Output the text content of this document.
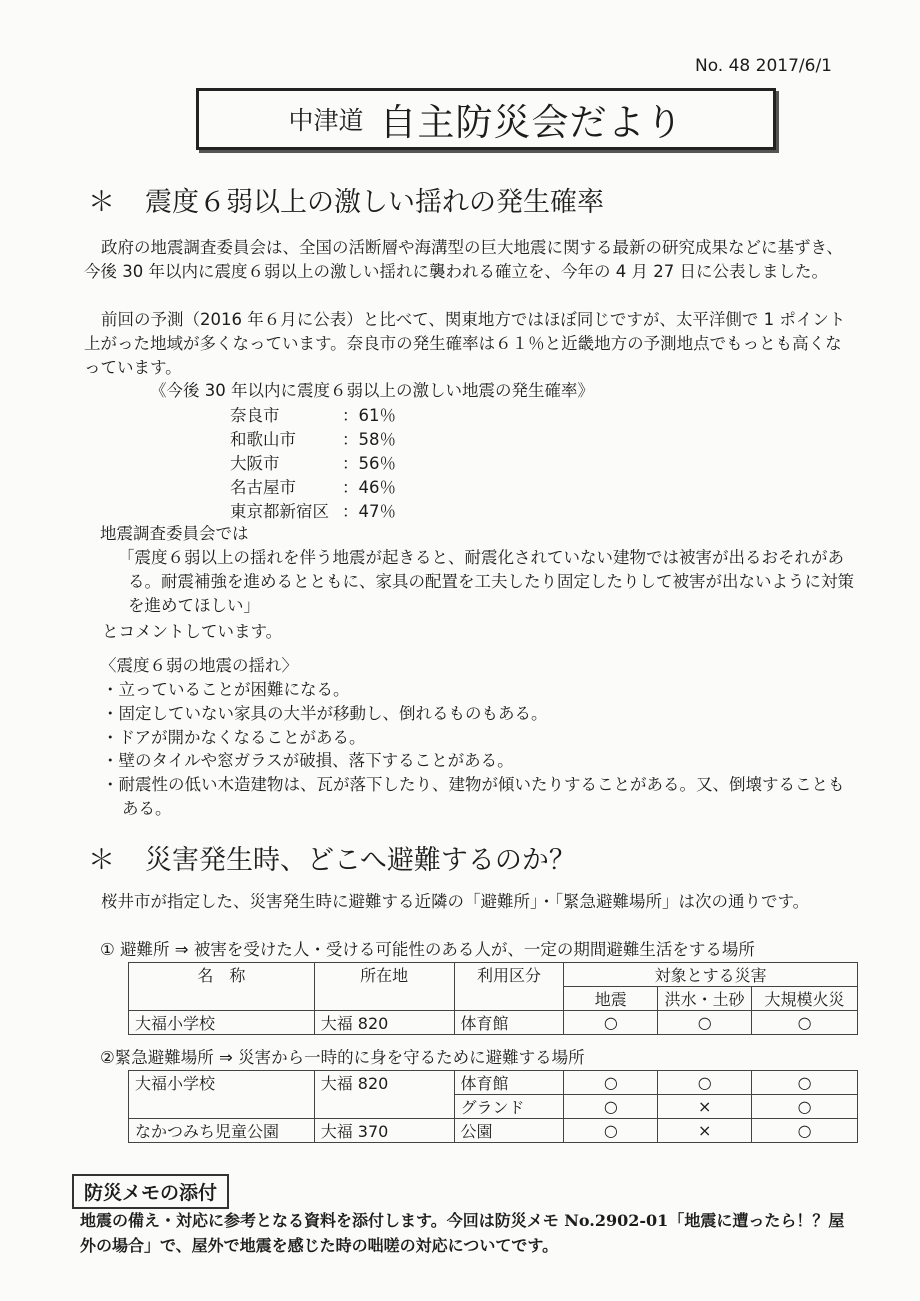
No. 48 2017/6/1
中津道 自主防災会だより
＊ 震度６弱以上の激しい揺れの発生確率
政府の地震調査委員会は、全国の活断層や海溝型の巨大地震に関する最新の研究成果などに基ずき、今後 30 年以内に震度６弱以上の激しい揺れに襲われる確立を、今年の 4 月 27 日に公表しました。
前回の予測（2016 年６月に公表）と比べて、関東地方ではほぼ同じですが、太平洋側で 1 ポイント上がった地域が多くなっています。奈良市の発生確率は６１％と近畿地方の予測地点でもっとも高くなっています。
《今後 30 年以内に震度６弱以上の激しい地震の発生確率》
奈良市	：61％
和歌山市	：58％
大阪市	：56％
名古屋市	：46％
東京都新宿区 ：47％
地震調査委員会では
「震度６弱以上の揺れを伴う地震が起きると、耐震化されていない建物では被害が出るおそれがある。耐震補強を進めるとともに、家具の配置を工夫したり固定したりして被害が出ないように対策を進めてほしい」
とコメントしています。
〈震度６弱の地震の揺れ〉
・立っていることが困難になる。
・固定していない家具の大半が移動し、倒れるものもある。
・ドアが開かなくなることがある。
・壁のタイルや窓ガラスが破損、落下することがある。
・耐震性の低い木造建物は、瓦が落下したり、建物が傾いたりすることがある。又、倒壊することもある。
＊ 災害発生時、どこへ避難するのか？
桜井市が指定した、災害発生時に避難する近隣の「避難所」・「緊急避難場所」は次の通りです。
① 避難所 ⇒ 被害を受けた人・受ける可能性のある人が、一定の期間避難生活をする場所
名　称	所在地	利用区分	対象とする災害		
			地震	洪水・土砂	大規模火災
大福小学校	大福 820	体育館	○	○	○
②緊急避難場所 ⇒ 災害から一時的に身を守るために避難する場所
大福小学校	大福 820	体育館	○	○	○
		グランド	○	×	○
なかつみち児童公園	大福 370	公園	○	×	○
防災メモの添付
地震の備え・対応に参考となる資料を添付します。今回は防災メモ No.2902-01「地震に遭ったら！？屋外の場合」で、屋外で地震を感じた時の咄嗟の対応についてです。
